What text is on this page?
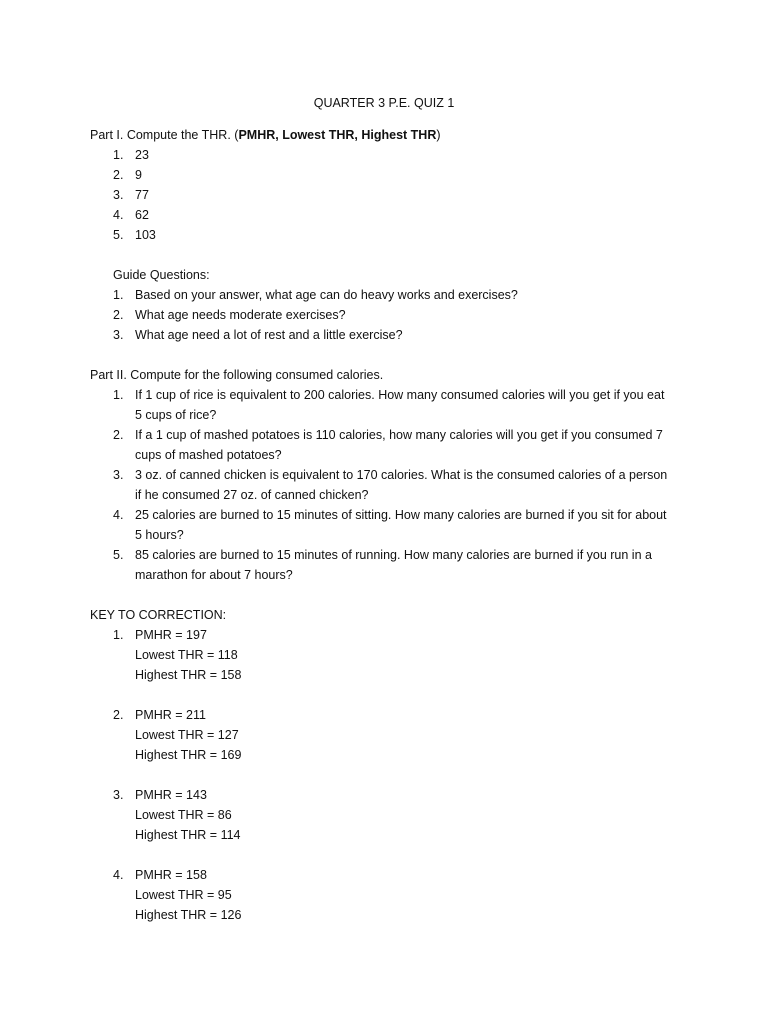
QUARTER 3 P.E. QUIZ 1
Part I. Compute the THR. (PMHR, Lowest THR, Highest THR)
1. 23
2. 9
3. 77
4. 62
5. 103
Guide Questions:
1. Based on your answer, what age can do heavy works and exercises?
2. What age needs moderate exercises?
3. What age need a lot of rest and a little exercise?
Part II. Compute for the following consumed calories.
1. If 1 cup of rice is equivalent to 200 calories. How many consumed calories will you get if you eat
5 cups of rice?
2. If a 1 cup of mashed potatoes is 110 calories, how many calories will you get if you consumed 7
cups of mashed potatoes?
3. 3 oz. of canned chicken is equivalent to 170 calories. What is the consumed calories of a person
if he consumed 27 oz. of canned chicken?
4. 25 calories are burned to 15 minutes of sitting. How many calories are burned if you sit for about
5 hours?
5. 85 calories are burned to 15 minutes of running. How many calories are burned if you run in a
marathon for about 7 hours?
KEY TO CORRECTION:
1. PMHR = 197
Lowest THR = 118
Highest THR = 158
2. PMHR = 211
Lowest THR = 127
Highest THR = 169
3. PMHR = 143
Lowest THR = 86
Highest THR = 114
4. PMHR = 158
Lowest THR = 95
Highest THR = 126
